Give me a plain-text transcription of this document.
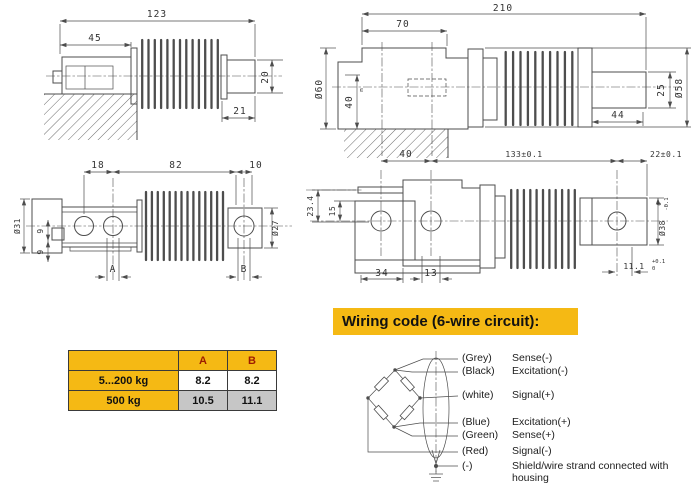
123
45
20
21
210
70
Ø60
40
m	25 Ø58
44
18	82	10
Ø31 9
9
Ø27
A	B
40	133±0.1	22±0.1
23.4 15
34	13
Ø38
0 -0.1
11.1 +0.1
0
	A	B
5...200 kg	8.2	8.2
500 kg	10.5	11.1
Wiring code (6-wire circuit):
(Grey) Sense(-)
(Black) Excitation(-)
(white) Signal(+)
(Blue) Excitation(+)
(Green) Sense(+)
(Red) Signal(-)
(-)	Shield/wire strand connected with housing
